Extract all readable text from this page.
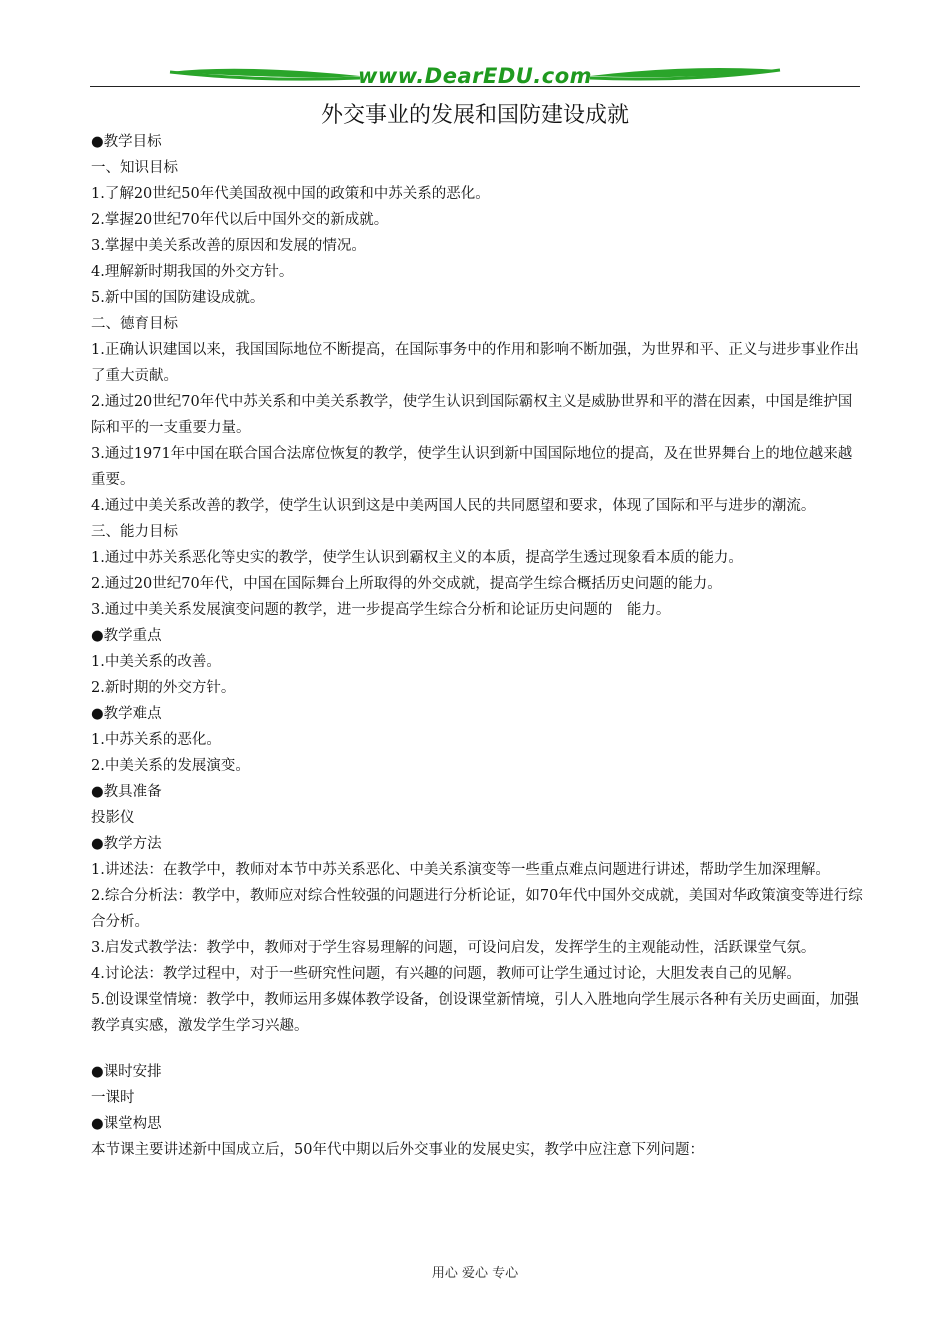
www.DearEDU.com
外交事业的发展和国防建设成就
●教学目标
一、知识目标
1.了解20世纪50年代美国敌视中国的政策和中苏关系的恶化。
2.掌握20世纪70年代以后中国外交的新成就。
3.掌握中美关系改善的原因和发展的情况。
4.理解新时期我国的外交方针。
5.新中国的国防建设成就。
二、德育目标
1.正确认识建国以来，我国国际地位不断提高，在国际事务中的作用和影响不断加强，为世界和平、正义与进步事业作出了重大贡献。
2.通过20世纪70年代中苏关系和中美关系教学，使学生认识到国际霸权主义是威胁世界和平的潜在因素，中国是维护国际和平的一支重要力量。
3.通过1971年中国在联合国合法席位恢复的教学，使学生认识到新中国国际地位的提高，及在世界舞台上的地位越来越重要。
4.通过中美关系改善的教学，使学生认识到这是中美两国人民的共同愿望和要求，体现了国际和平与进步的潮流。
三、能力目标
1.通过中苏关系恶化等史实的教学，使学生认识到霸权主义的本质，提高学生透过现象看本质的能力。
2.通过20世纪70年代，中国在国际舞台上所取得的外交成就，提高学生综合概括历史问题的能力。
3.通过中美关系发展演变问题的教学，进一步提高学生综合分析和论证历史问题的　能力。
●教学重点
1.中美关系的改善。
2.新时期的外交方针。
●教学难点
1.中苏关系的恶化。
2.中美关系的发展演变。
●教具准备
投影仪
●教学方法
1.讲述法：在教学中，教师对本节中苏关系恶化、中美关系演变等一些重点难点问题进行讲述，帮助学生加深理解。
2.综合分析法：教学中，教师应对综合性较强的问题进行分析论证，如70年代中国外交成就，美国对华政策演变等进行综合分析。
3.启发式教学法：教学中，教师对于学生容易理解的问题，可设问启发，发挥学生的主观能动性，活跃课堂气氛。
4.讨论法：教学过程中，对于一些研究性问题，有兴趣的问题，教师可让学生通过讨论，大胆发表自己的见解。
5.创设课堂情境：教学中，教师运用多媒体教学设备，创设课堂新情境，引人入胜地向学生展示各种有关历史画面，加强教学真实感，激发学生学习兴趣。
●课时安排
一课时
●课堂构思
本节课主要讲述新中国成立后，50年代中期以后外交事业的发展史实，教学中应注意下列问题：
用心 爱心 专心
